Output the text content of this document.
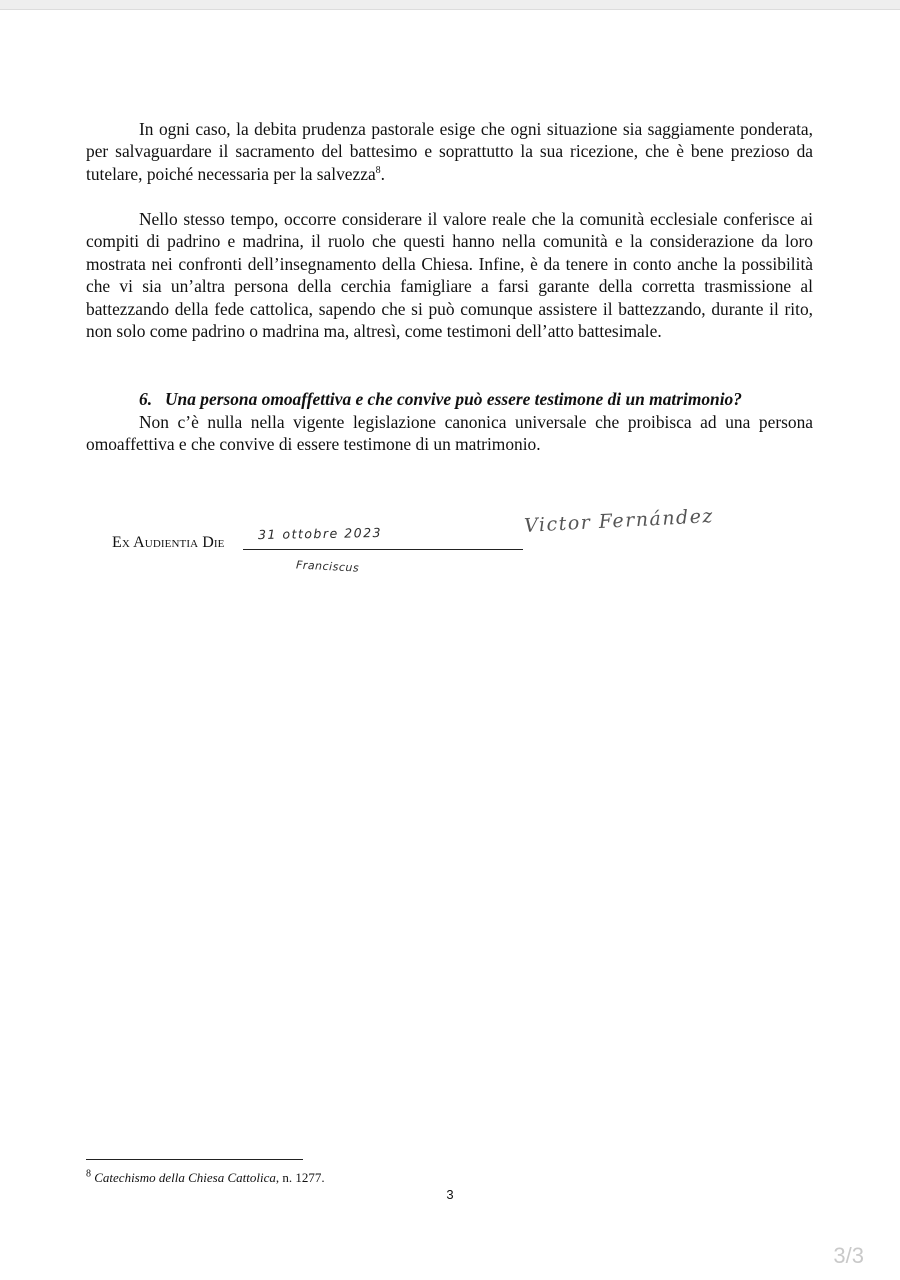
In ogni caso, la debita prudenza pastorale esige che ogni situazione sia saggiamente ponderata, per salvaguardare il sacramento del battesimo e soprattutto la sua ricezione, che è bene prezioso da tutelare, poiché necessaria per la salvezza$^8$.

Nello stesso tempo, occorre considerare il valore reale che la comunità ecclesiale conferisce ai compiti di padrino e madrina, il ruolo che questi hanno nella comunità e la considerazione da loro mostrata nei confronti dell’insegnamento della Chiesa. Infine, è da tenere in conto anche la possibilità che vi sia un’altra persona della cerchia famigliare a farsi garante della corretta trasmissione al battezzando della fede cattolica, sapendo che si può comunque assistere il battezzando, durante il rito, non solo come padrino o madrina ma, altresì, come testimoni dell’atto battesimale.

6. Una persona omoaffettiva e che convive può essere testimone di un matrimonio?

Non c’è nulla nella vigente legislazione canonica universale che proibisca ad una persona omoaffettiva e che convive di essere testimone di un matrimonio.

Ex Audientia Die
31 ottobre 2023
Franciscus
Victor Fernández
$^8$ Catechismo della Chiesa Cattolica, n. 1277.
3
3/3
